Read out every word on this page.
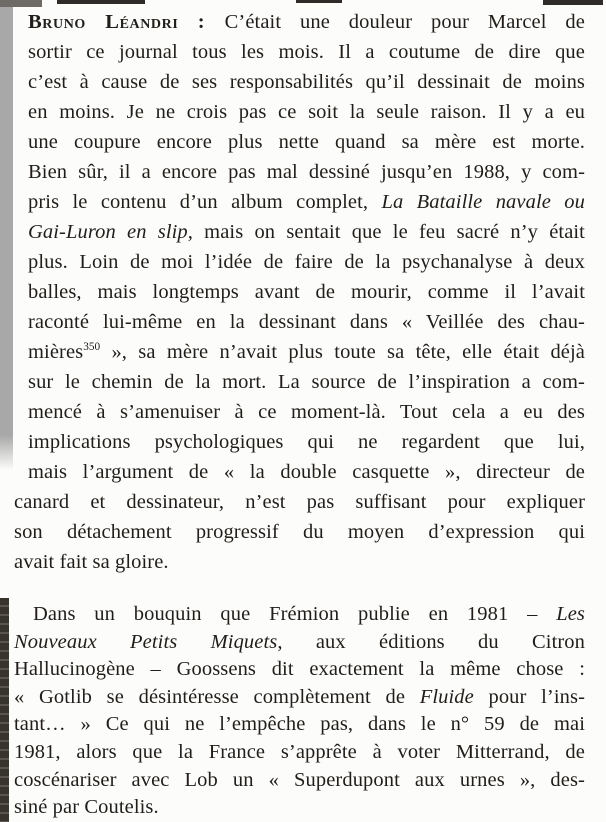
Bruno Léandri : C’était une douleur pour Marcel de
sortir ce journal tous les mois. Il a coutume de dire que
c’est à cause de ses responsabilités qu’il dessinait de moins
en moins. Je ne crois pas ce soit la seule raison. Il y a eu
une coupure encore plus nette quand sa mère est morte.
Bien sûr, il a encore pas mal dessiné jusqu’en 1988, y com-
pris le contenu d’un album complet, La Bataille navale ou
Gai-Luron en slip, mais on sentait que le feu sacré n’y était
plus. Loin de moi l’idée de faire de la psychanalyse à deux
balles, mais longtemps avant de mourir, comme il l’avait
raconté lui-même en la dessinant dans « Veillée des chau-
mières$^{350}$ », sa mère n’avait plus toute sa tête, elle était déjà
sur le chemin de la mort. La source de l’inspiration a com-
mencé à s’amenuiser à ce moment-là. Tout cela a eu des
implications psychologiques qui ne regardent que lui,
mais l’argument de « la double casquette », directeur de
canard et dessinateur, n’est pas suffisant pour expliquer
son détachement progressif du moyen d’expression qui
avait fait sa gloire.
Dans un bouquin que Frémion publie en 1981 – Les
Nouveaux Petits Miquets, aux éditions du Citron
Hallucinogène – Goossens dit exactement la même chose :
« Gotlib se désintéresse complètement de Fluide pour l’ins-
tant… » Ce qui ne l’empêche pas, dans le n° 59 de mai
1981, alors que la France s’apprête à voter Mitterrand, de
coscénariser avec Lob un « Superdupont aux urnes », des-
siné par Coutelis.
